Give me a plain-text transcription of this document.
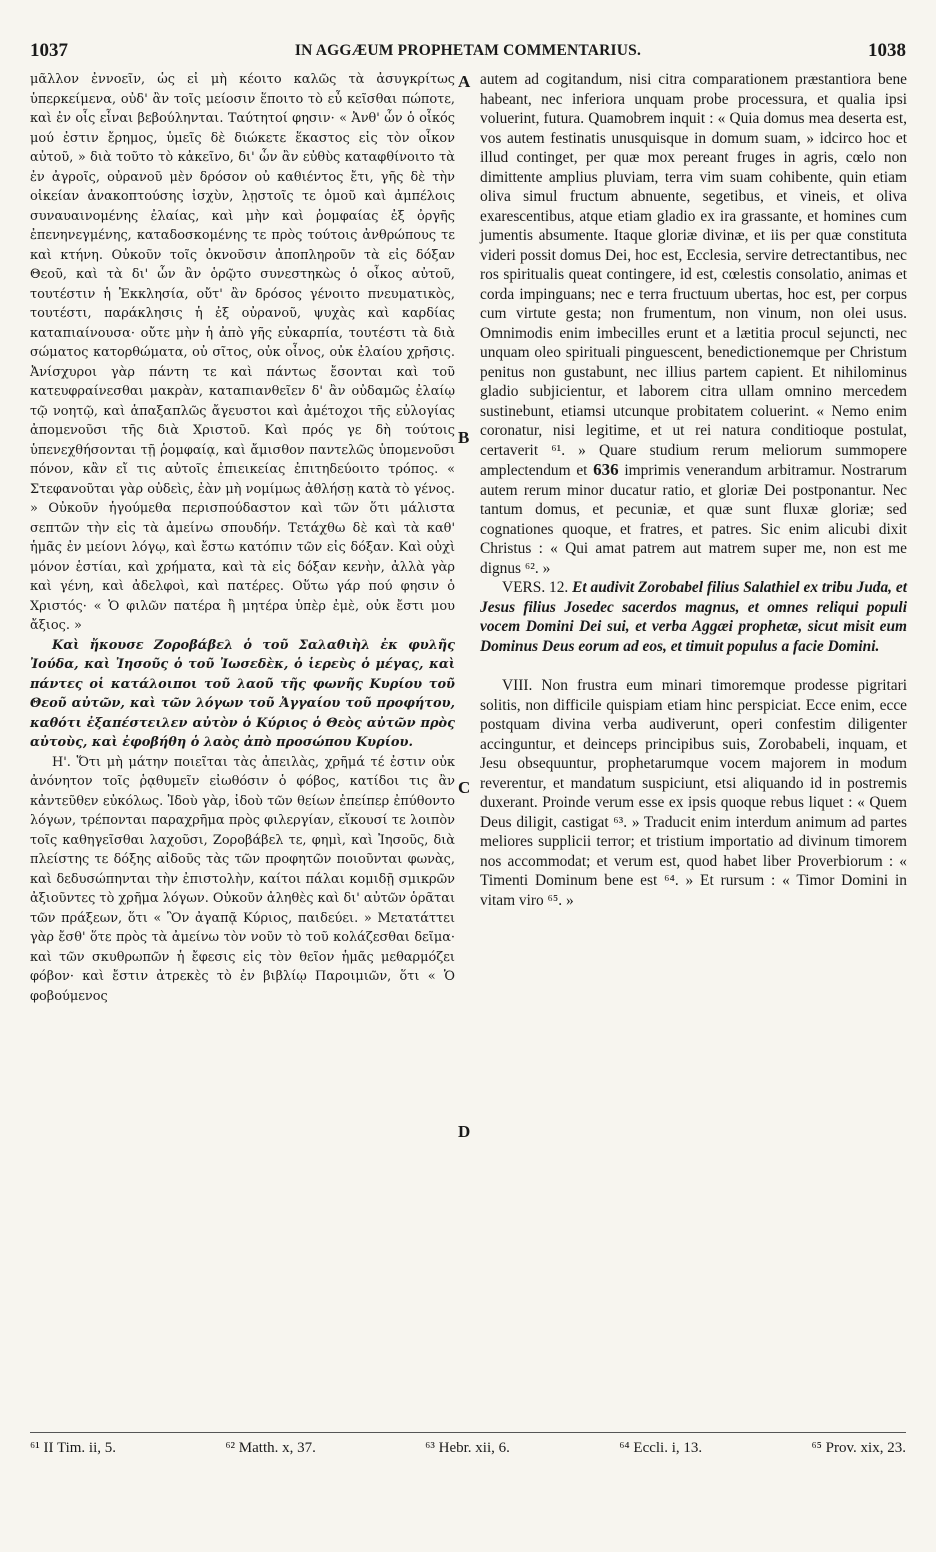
1037	IN AGGÆUM PROPHETAM COMMENTARIUS.	1038

μᾶλλον ἐννοεῖν, ὡς εἰ μὴ κέοιτο καλῶς τὰ ἀσυγκρίτως ὑπερκείμενα, οὐδ' ἂν τοῖς μείοσιν ἕποιτο τὸ εὖ κεῖσθαι πώποτε, καὶ ἐν οἷς εἶναι βεβούληνται. Ταύτητοί φησιν· « Ἀνθ' ὧν ὁ οἶκός μού ἐστιν ἔρημος, ὑμεῖς δὲ διώκετε ἕκαστος εἰς τὸν οἶκον αὐτοῦ, » διὰ τοῦτο τὸ κἀκεῖνο, δι' ὧν ἂν εὐθὺς καταφθίνοιτο τὰ ἐν ἀγροῖς, οὐρανοῦ μὲν δρόσον οὐ καθιέντος ἔτι, γῆς δὲ τὴν οἰκείαν ἀνακοπτούσης ἰσχὺν, λῃστοῖς τε ὁμοῦ καὶ ἀμπέλοις συναυαινομένης ἐλαίας, καὶ μὴν καὶ ῥομφαίας ἐξ ὀργῆς ἐπενηνεγμένης, καταδοσκομένης τε πρὸς τούτοις ἀνθρώπους τε καὶ κτήνη. Οὐκοῦν τοῖς ὀκνοῦσιν ἀποπληροῦν τὰ εἰς δόξαν Θεοῦ, καὶ τὰ δι' ὧν ἂν ὁρῷτο συνεστηκὼς ὁ οἶκος αὐτοῦ, τουτέστιν ἡ Ἐκκλησία, οὔτ' ἂν δρόσος γένοιτο πνευματικὸς, τουτέστι, παράκλησις ἡ ἐξ οὐρανοῦ, ψυχὰς καὶ καρδίας καταπιαίνουσα· οὔτε μὴν ἡ ἀπὸ γῆς εὐκαρπία, τουτέστι τὰ διὰ σώματος κατορθώματα, οὐ σῖτος, οὐκ οἶνος, οὐκ ἐλαίου χρῆσις. Ἀνίσχυροι γὰρ πάντη τε καὶ πάντως ἔσονται καὶ τοῦ κατευφραίνεσθαι μακρὰν, καταπιανθεῖεν δ' ἂν οὐδαμῶς ἐλαίῳ τῷ νοητῷ, καὶ ἁπαξαπλῶς ἄγευστοι καὶ ἀμέτοχοι τῆς εὐλογίας ἀπομενοῦσι τῆς διὰ Χριστοῦ. Καὶ πρός γε δὴ τούτοις ὑπενεχθήσονται τῇ ῥομφαίᾳ, καὶ ἄμισθον παντελῶς ὑπομενοῦσι πόνον, κἂν εἴ τις αὐτοῖς ἐπιεικείας ἐπιτηδεύοιτο τρόπος. « Στεφανοῦται γὰρ οὐδεὶς, ἐὰν μὴ νομίμως ἀθλήσῃ κατὰ τὸ γένος. » Οὐκοῦν ἡγούμεθα περισπούδαστον καὶ τῶν ὅτι μάλιστα σεπτῶν τὴν εἰς τὰ ἀμείνω σπουδήν. Τετάχθω δὲ καὶ τὰ καθ' ἡμᾶς ἐν μείονι λόγῳ, καὶ ἔστω κατόπιν τῶν εἰς δόξαν. Καὶ οὐχὶ μόνον ἑστίαι, καὶ χρήματα, καὶ τὰ εἰς δόξαν κενὴν, ἀλλὰ γὰρ καὶ γένη, καὶ ἀδελφοὶ, καὶ πατέρες. Οὕτω γάρ πού φησιν ὁ Χριστός· « Ὁ φιλῶν πατέρα ἢ μητέρα ὑπὲρ ἐμὲ, οὐκ ἔστι μου ἄξιος. »

Καὶ ἤκουσε Ζοροβάβελ ὁ τοῦ Σαλαθιὴλ ἐκ φυλῆς Ἰούδα, καὶ Ἰησοῦς ὁ τοῦ Ἰωσεδὲκ, ὁ ἱερεὺς ὁ μέγας, καὶ πάντες οἱ κατάλοιποι τοῦ λαοῦ τῆς φωνῆς Κυρίου τοῦ Θεοῦ αὐτῶν, καὶ τῶν λόγων τοῦ Ἀγγαίου τοῦ προφήτου, καθότι ἐξαπέστειλεν αὐτὸν ὁ Κύριος ὁ Θεὸς αὐτῶν πρὸς αὐτοὺς, καὶ ἐφοβήθη ὁ λαὸς ἀπὸ προσώπου Κυρίου.

Η'. Ὅτι μὴ μάτην ποιεῖται τὰς ἀπειλὰς, χρῆμά τέ ἐστιν οὐκ ἀνόνητον τοῖς ῥᾳθυμεῖν εἰωθόσιν ὁ φόβος, κατίδοι τις ἂν κἀντεῦθεν εὐκόλως. Ἰδοὺ γὰρ, ἰδοὺ τῶν θείων ἐπείπερ ἐπύθοντο λόγων, τρέπονται παραχρῆμα πρὸς φιλεργίαν, εἴκουσί τε λοιπὸν τοῖς καθηγεῖσθαι λαχοῦσι, Ζοροβάβελ τε, φημὶ, καὶ Ἰησοῦς, διὰ πλείστης τε δόξης αἰδοῦς τὰς τῶν προφητῶν ποιοῦνται φωνὰς, καὶ δεδυσώπηνται τὴν ἐπιστολὴν, καίτοι πάλαι κομιδῇ σμικρῶν ἀξιοῦντες τὸ χρῆμα λόγων. Οὐκοῦν ἀληθὲς καὶ δι' αὐτῶν ὁρᾶται τῶν πράξεων, ὅτι « Ὃν ἀγαπᾷ Κύριος, παιδεύει. » Μετατάττει γὰρ ἔσθ' ὅτε πρὸς τὰ ἀμείνω τὸν νοῦν τὸ τοῦ κολάζεσθαι δεῖμα· καὶ τῶν σκυθρωπῶν ἡ ἔφεσις εἰς τὸν θεῖον ἡμᾶς μεθαρμόζει φόβον· καὶ ἔστιν ἀτρεκὲς τὸ ἐν βιβλίῳ Παροιμιῶν, ὅτι « Ὁ φοβούμενος

autem ad cogitandum, nisi citra comparationem præstantiora bene habeant, nec inferiora unquam probe processura, et qualia ipsi voluerint, futura. Quamobrem inquit : « Quia domus mea deserta est, vos autem festinatis unusquisque in domum suam, » idcirco hoc et illud continget, per quæ mox pereant fruges in agris, cœlo non dimittente amplius pluviam, terra vim suam cohibente, quin etiam oliva simul fructum abnuente, segetibus, et vineis, et oliva exarescentibus, atque etiam gladio ex ira grassante, et homines cum jumentis absumente. Itaque gloriæ divinæ, et iis per quæ constituta videri possit domus Dei, hoc est, Ecclesia, servire detrectantibus, nec ros spiritualis queat contingere, id est, cœlestis consolatio, animas et corda impinguans; nec e terra fructuum ubertas, hoc est, per corpus cum virtute gesta; non frumentum, non vinum, non olei usus. Omnimodis enim imbecilles erunt et a lætitia procul sejuncti, nec unquam oleo spirituali pinguescent, benedictionemque per Christum penitus non gustabunt, nec illius partem capient. Et nihilominus gladio subjicientur, et laborem citra ullam omnino mercedem sustinebunt, etiamsi utcunque probitatem coluerint. « Nemo enim coronatur, nisi legitime, et ut rei natura conditioque postulat, certaverit ⁶¹. » Quare studium rerum meliorum summopere amplectendum et 636 imprimis venerandum arbitramur. Nostrarum autem rerum minor ducatur ratio, et gloriæ Dei postponantur. Nec tantum domus, et pecuniæ, et quæ sunt fluxæ gloriæ; sed cognationes quoque, et fratres, et patres. Sic enim alicubi dixit Christus : « Qui amat patrem aut matrem super me, non est me dignus ⁶². »

VERS. 12. Et audivit Zorobabel filius Salathiel ex tribu Juda, et Jesus filius Josedec sacerdos magnus, et omnes reliqui populi vocem Domini Dei sui, et verba Aggæi prophetæ, sicut misit eum Dominus Deus eorum ad eos, et timuit populus a facie Domini.

VIII. Non frustra eum minari timoremque prodesse pigritari solitis, non difficile quispiam etiam hinc perspiciat. Ecce enim, ecce postquam divina verba audiverunt, operi confestim diligenter accinguntur, et deinceps principibus suis, Zorobabeli, inquam, et Jesu obsequuntur, prophetarumque vocem majorem in modum reverentur, et mandatum suspiciunt, etsi aliquando id in postremis duxerant. Proinde verum esse ex ipsis quoque rebus liquet : « Quem Deus diligit, castigat ⁶³. » Traducit enim interdum animum ad partes meliores supplicii terror; et tristium importatio ad divinum timorem nos accommodat; et verum est, quod habet liber Proverbiorum : « Timenti Dominum bene est ⁶⁴. » Et rursum : « Timor Domini in vitam viro ⁶⁵. »

A
B
C
D
⁶¹ II Tim. ii, 5.	⁶² Matth. x, 37.	⁶³ Hebr. xii, 6.	⁶⁴ Eccli. i, 13.	⁶⁵ Prov. xix, 23.
